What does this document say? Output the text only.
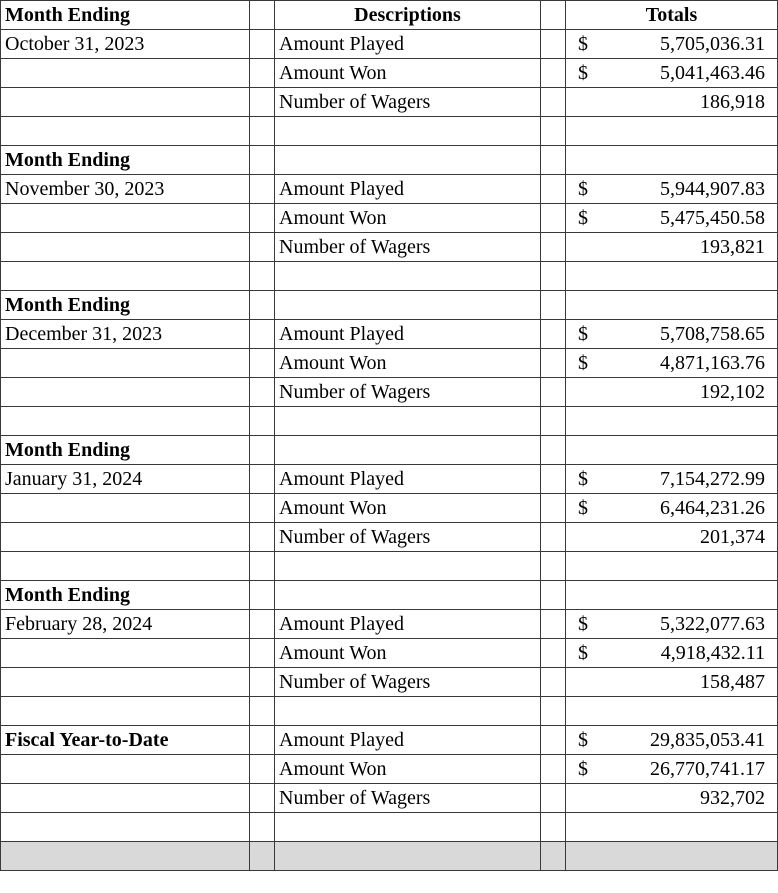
Month Ending		Descriptions		Totals
October 31, 2023		Amount Played		$ 5,705,036.31

		Amount Won		$ 5,041,463.46

		Number of Wagers		186,918

Month Ending				
November 30, 2023		Amount Played		$ 5,944,907.83

		Amount Won		$ 5,475,450.58

		Number of Wagers		193,821

Month Ending				
December 31, 2023		Amount Played		$ 5,708,758.65

		Amount Won		$ 4,871,163.76

		Number of Wagers		192,102

Month Ending				
January 31, 2024		Amount Played		$ 7,154,272.99

		Amount Won		$ 6,464,231.26

		Number of Wagers		201,374

Month Ending				
February 28, 2024		Amount Played		$ 5,322,077.63

		Amount Won		$ 4,918,432.11

		Number of Wagers		158,487

Fiscal Year-to-Date		Amount Played		$ 29,835,053.41

		Amount Won		$ 26,770,741.17

		Number of Wagers		932,702
